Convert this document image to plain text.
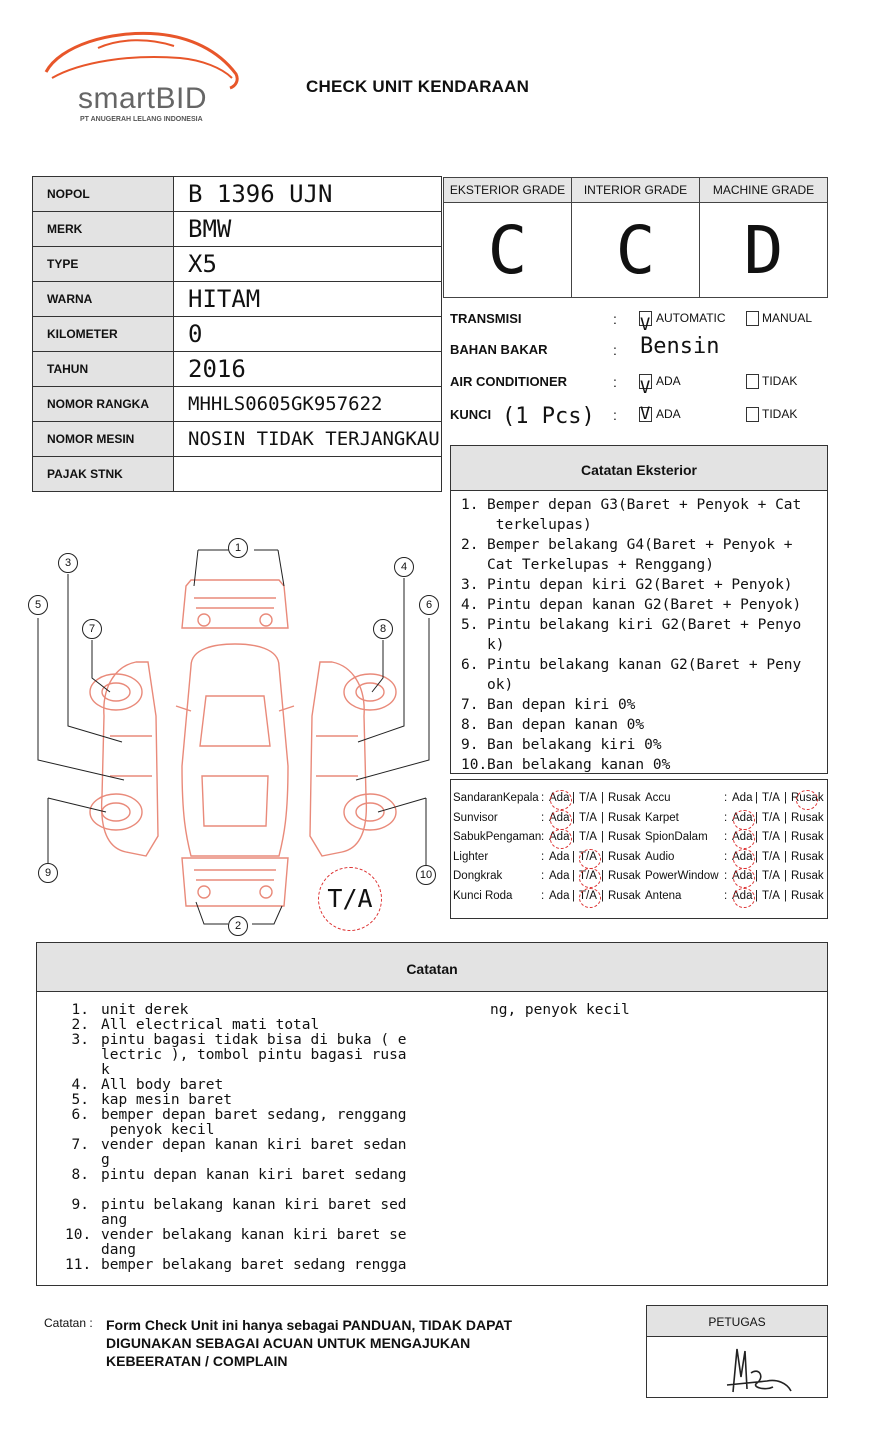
smartBID
PT ANUGERAH LELANG INDONESIA
CHECK UNIT KENDARAAN
NOPOL	B 1396 UJN
MERK	BMW
TYPE	X5
WARNA	HITAM
KILOMETER	0
TAHUN	2016
NOMOR RANGKA	MHHLS0605GK957622
NOMOR MESIN	NOSIN TIDAK TERJANGKAU
PAJAK STNK	
EKSTERIOR GRADE	INTERIOR GRADE	MACHINE GRADE
C	C	D
TRANSMISI	: V AUTOMATIC	MANUAL
BAHAN BAKAR	: Bensin
AIR CONDITIONER	: V ADA	TIDAK
KUNCI (1 Pcs) : V ADA	TIDAK
Catatan Eksterior
1. Bemper depan G3(Baret + Penyok + Cat
terkelupas)
2. Bemper belakang G4(Baret + Penyok +
Cat Terkelupas + Renggang)
3. Pintu depan kiri G2(Baret + Penyok)
4. Pintu depan kanan G2(Baret + Penyok)
5. Pintu belakang kiri G2(Baret + Penyo
k)
6. Pintu belakang kanan G2(Baret + Peny
ok)
7. Ban depan kiri 0%
8. Ban depan kanan 0%
9. Ban belakang kiri 0%
10. Ban belakang kanan 0%
SandaranKepala : Ada | T/A | Rusak
Sunvisor	: Ada | T/A | Rusak
SabukPengaman : Ada | T/A | Rusak
Lighter	: Ada | T/A | Rusak
Dongkrak	: Ada | T/A | Rusak
Kunci Roda : Ada | T/A | Rusak
Accu	: Ada | T/A | Rusak
Karpet	: Ada | T/A | Rusak
SpionDalam : Ada | T/A | Rusak
Audio	: Ada | T/A | Rusak
PowerWindow : Ada | T/A | Rusak
Antena	: Ada | T/A | Rusak
1
2
3	4
5	6
7	8
9	10
T/A
Catatan
1. unit derek
2. All electrical mati total
3. pintu bagasi tidak bisa di buka ( e
lectric ), tombol pintu bagasi rusa
k
4. All body baret
5. kap mesin baret
6. bemper depan baret sedang, renggang
penyok kecil
7. vender depan kanan kiri baret sedan
g
8. pintu depan kanan kiri baret sedang

9. pintu belakang kanan kiri baret sed
ang
10. vender belakang kanan kiri baret se
dang
11. bemper belakang baret sedang rengga
ng, penyok kecil
Catatan : Form Check Unit ini hanya sebagai PANDUAN, TIDAK DAPAT DIGUNAKAN SEBAGAI ACUAN UNTUK MENGAJUKAN KEBEERATAN / COMPLAIN
PETUGAS
